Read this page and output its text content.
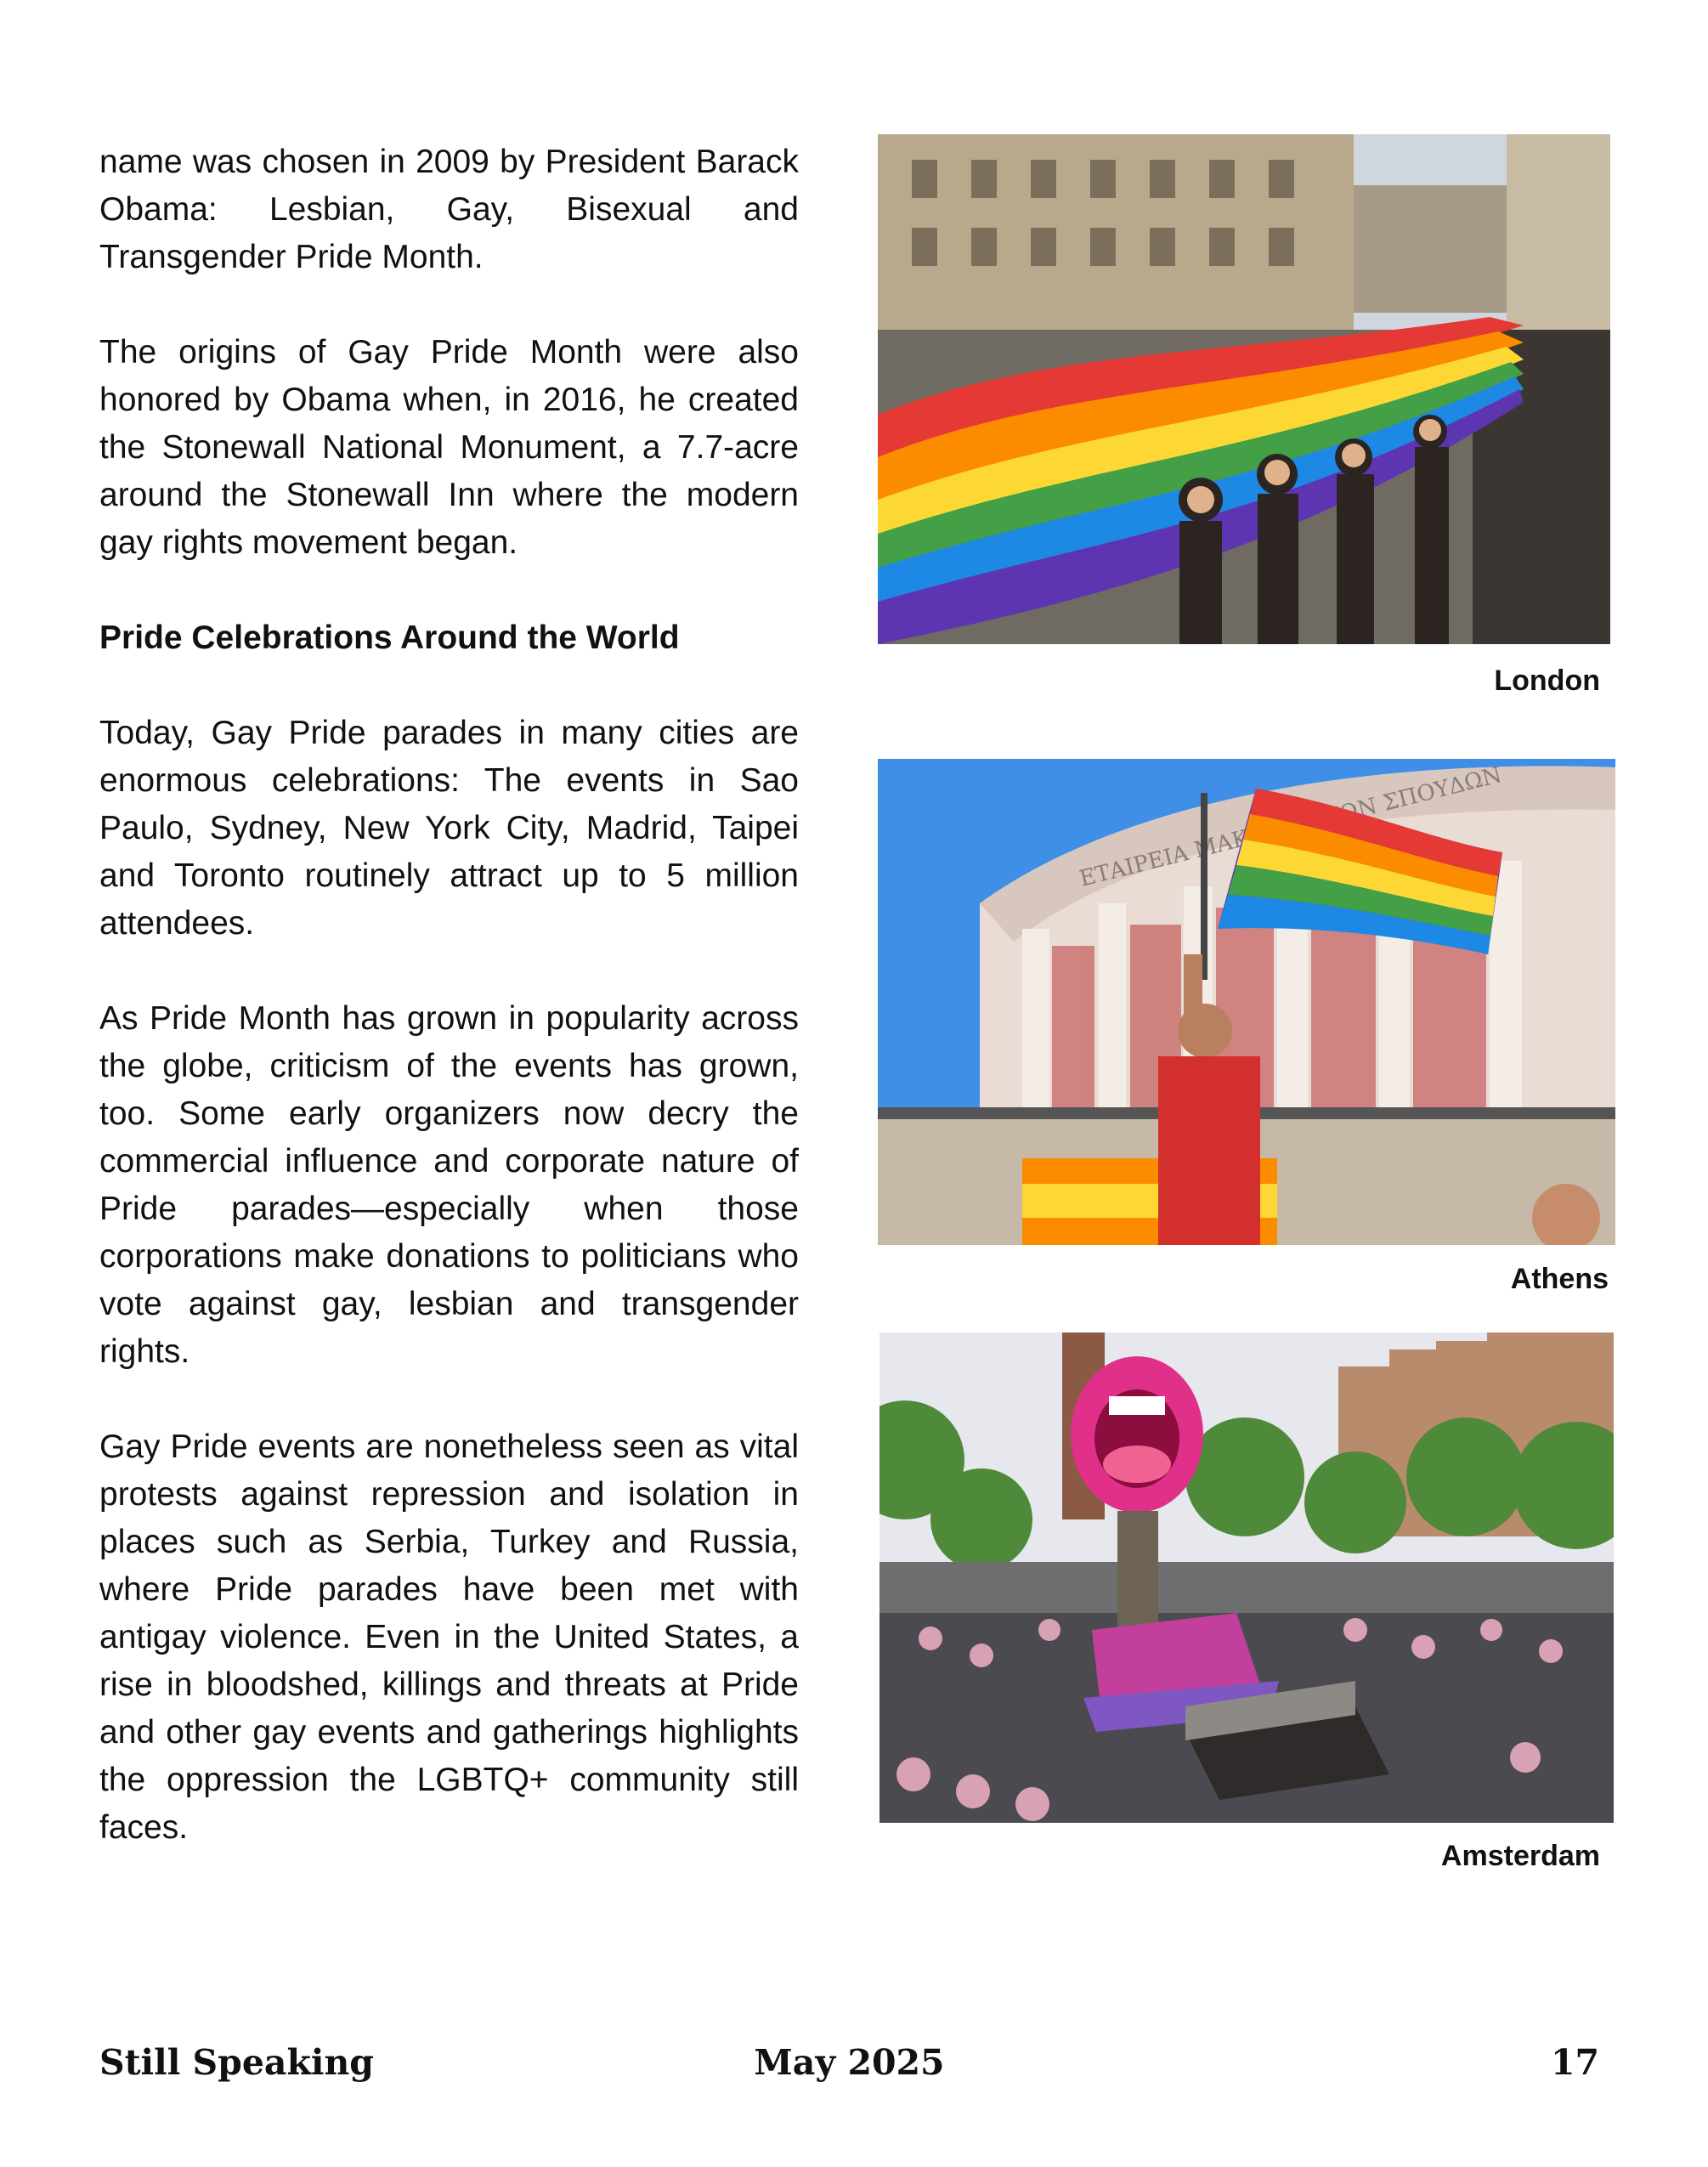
name was chosen in 2009 by President Barack Obama: Lesbian, Gay, Bisexual and Transgender Pride Month.

The origins of Gay Pride Month were also honored by Obama when, in 2016, he created the Stonewall National Monument, a 7.7-acre around the Stonewall Inn where the modern gay rights movement began.

Pride Celebrations Around the World

Today, Gay Pride parades in many cities are enormous celebrations: The events in Sao Paulo, Sydney, New York City, Madrid, Taipei and Toronto routinely attract up to 5 million attendees.

As Pride Month has grown in popularity across the globe, criticism of the events has grown, too. Some early organizers now decry the commercial influence and corporate nature of Pride parades—especially when those corporations make donations to politicians who vote against gay, lesbian and transgender rights.

Gay Pride events are nonetheless seen as vital protests against repression and isolation in places such as Serbia, Turkey and Russia, where Pride parades have been met with antigay violence. Even in the United States, a rise in bloodshed, killings and threats at Pride and other gay events and gatherings highlights the oppression the LGBTQ+ community still faces.

London
ΕΤΑΙΡΕΙΑ ΣΠΟΥΔΩΝ
Athens
Amsterdam
Still Speaking	May 2025	17
